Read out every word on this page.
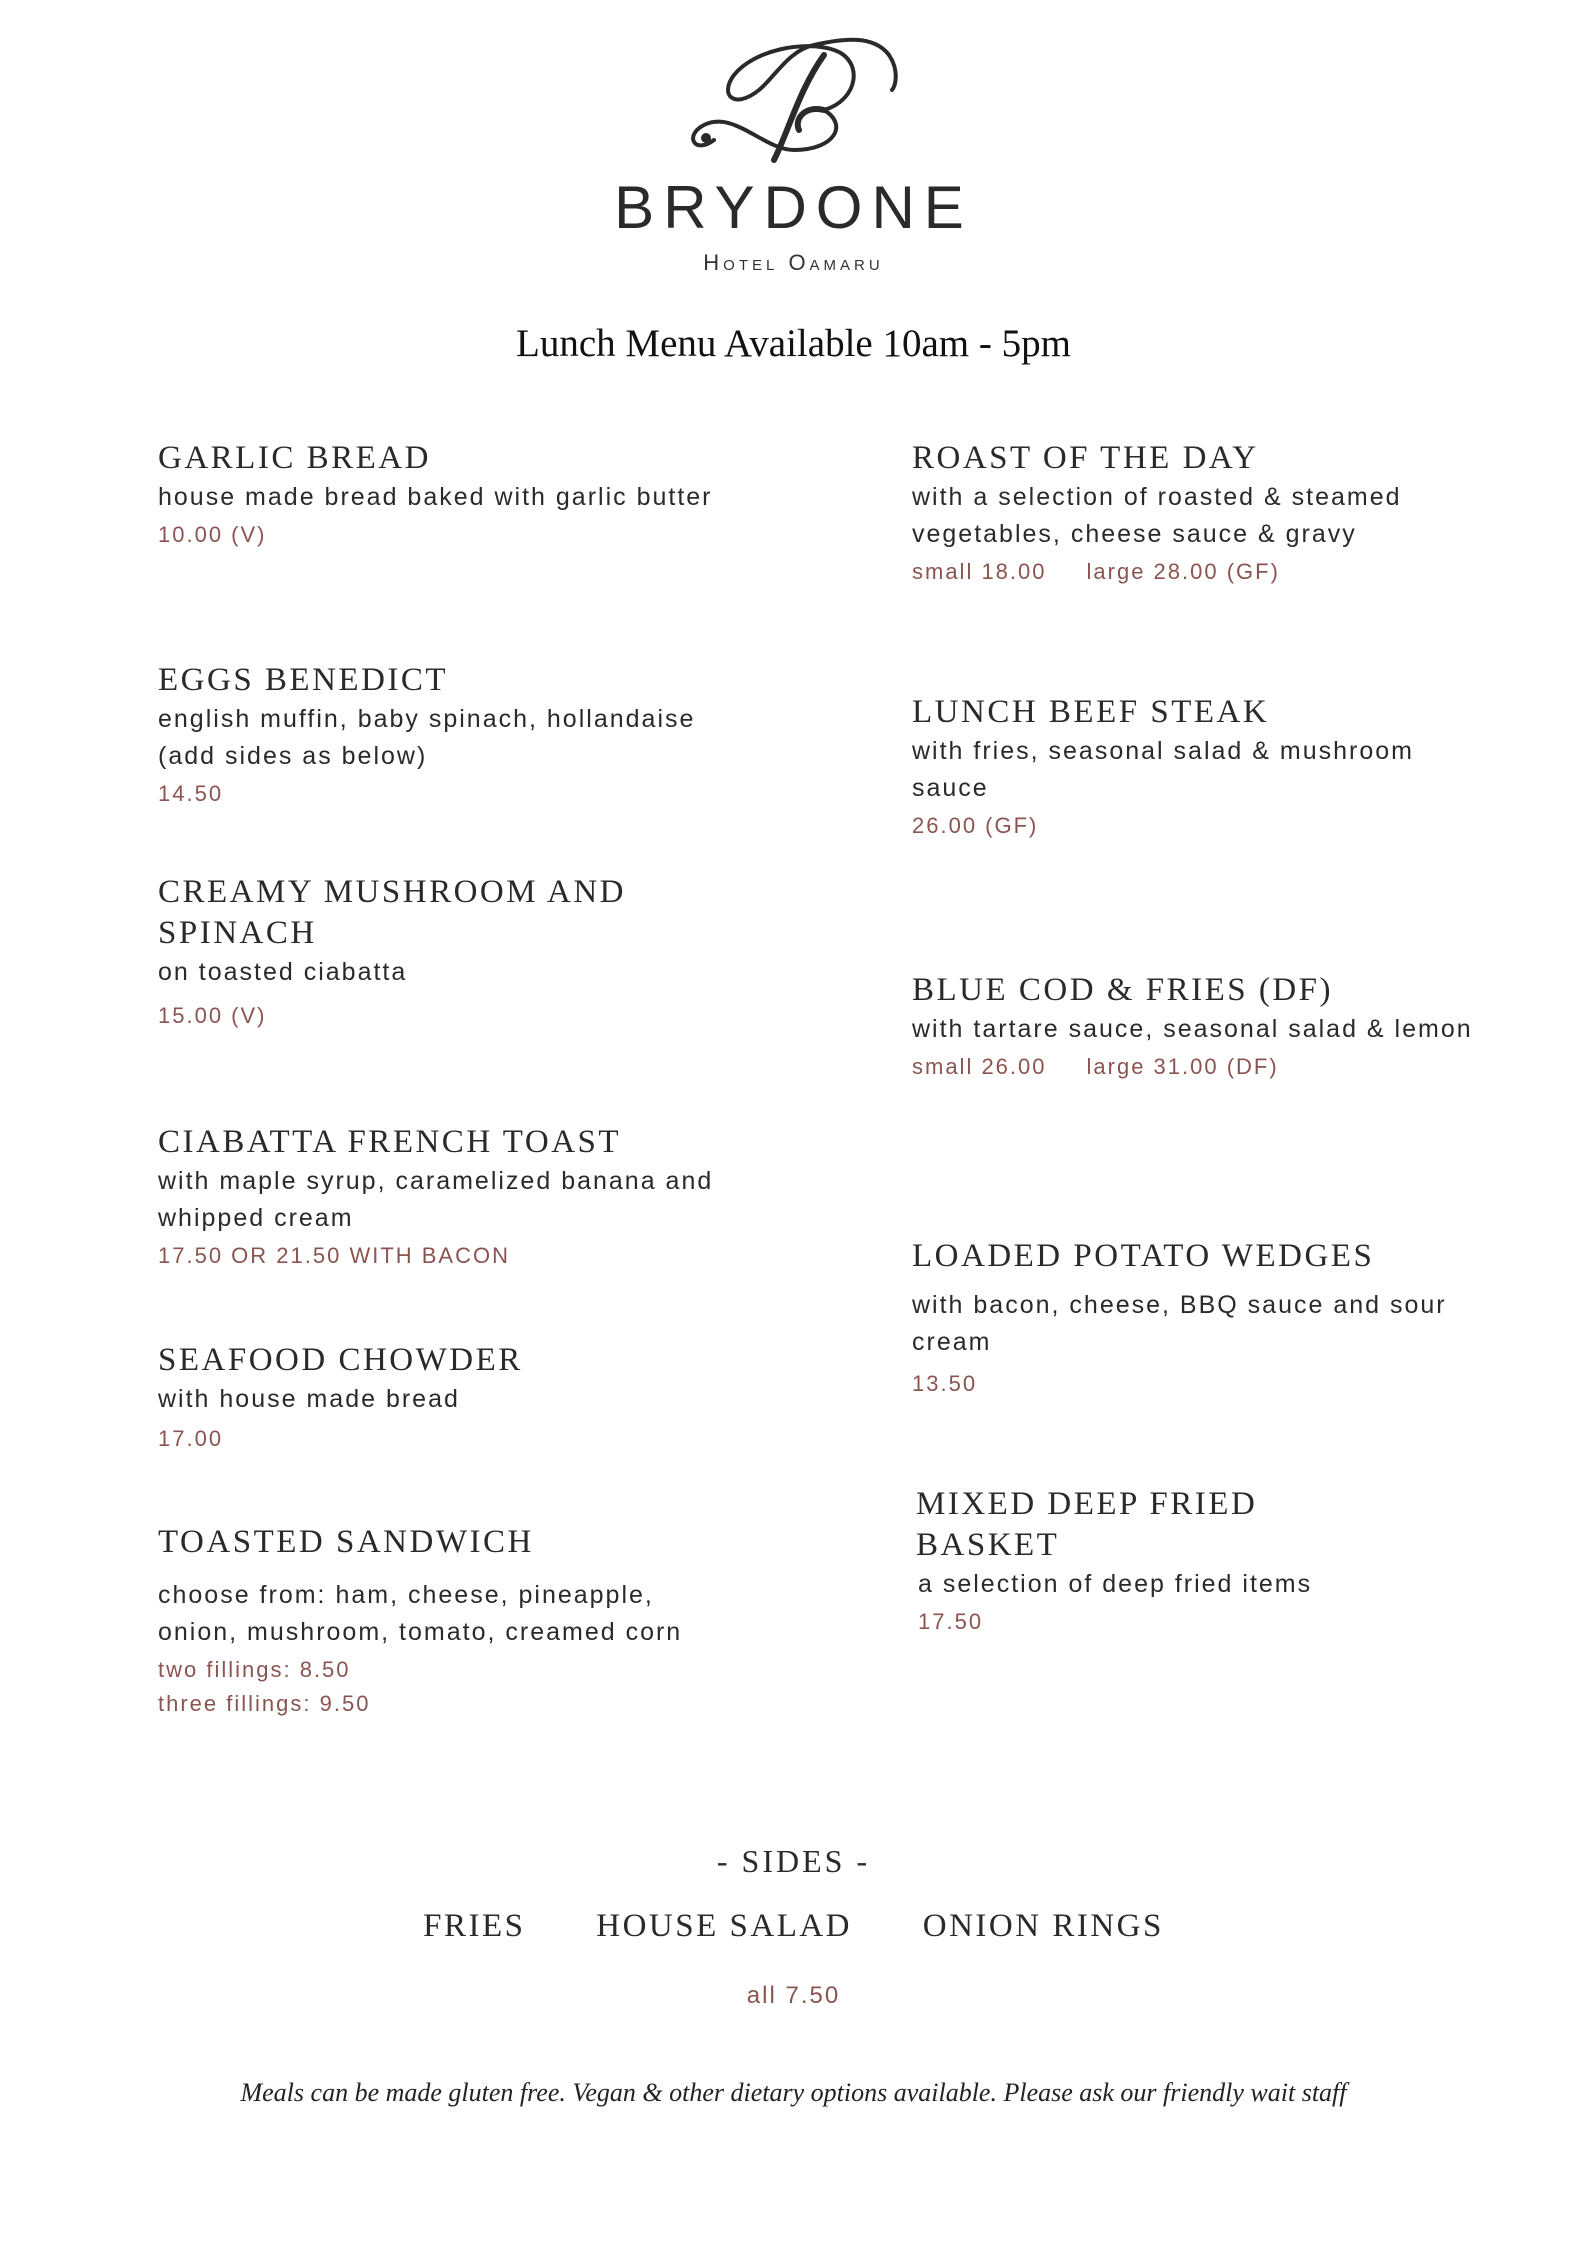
BRYDONE
Hotel Oamaru
Lunch Menu Available 10am - 5pm

GARLIC BREAD

house made bread baked with garlic butter

10.00 (V)

EGGS BENEDICT

english muffin, baby spinach, hollandaise (add sides as below)

14.50

CREAMY MUSHROOM AND SPINACH

on toasted ciabatta

15.00 (V)

CIABATTA FRENCH TOAST

with maple syrup, caramelized banana and whipped cream

17.50 OR 21.50 WITH BACON

SEAFOOD CHOWDER

with house made bread

17.00

TOASTED SANDWICH

choose from: ham, cheese, pineapple, onion, mushroom, tomato, creamed corn

two fillings: 8.50
three fillings: 9.50

ROAST OF THE DAY

with a selection of roasted & steamed vegetables, cheese sauce & gravy

small 18.00 large 28.00 (GF)

LUNCH BEEF STEAK

with fries, seasonal salad & mushroom sauce

26.00 (GF)

BLUE COD & FRIES (DF)

with tartare sauce, seasonal salad & lemon

small 26.00 large 31.00 (DF)

LOADED POTATO WEDGES

with bacon, cheese, BBQ sauce and sour cream

13.50

MIXED DEEP FRIED BASKET

a selection of deep fried items

17.50

- SIDES -
FRIES HOUSE SALAD ONION RINGS
all 7.50
Meals can be made gluten free. Vegan & other dietary options available. Please ask our friendly wait staff
